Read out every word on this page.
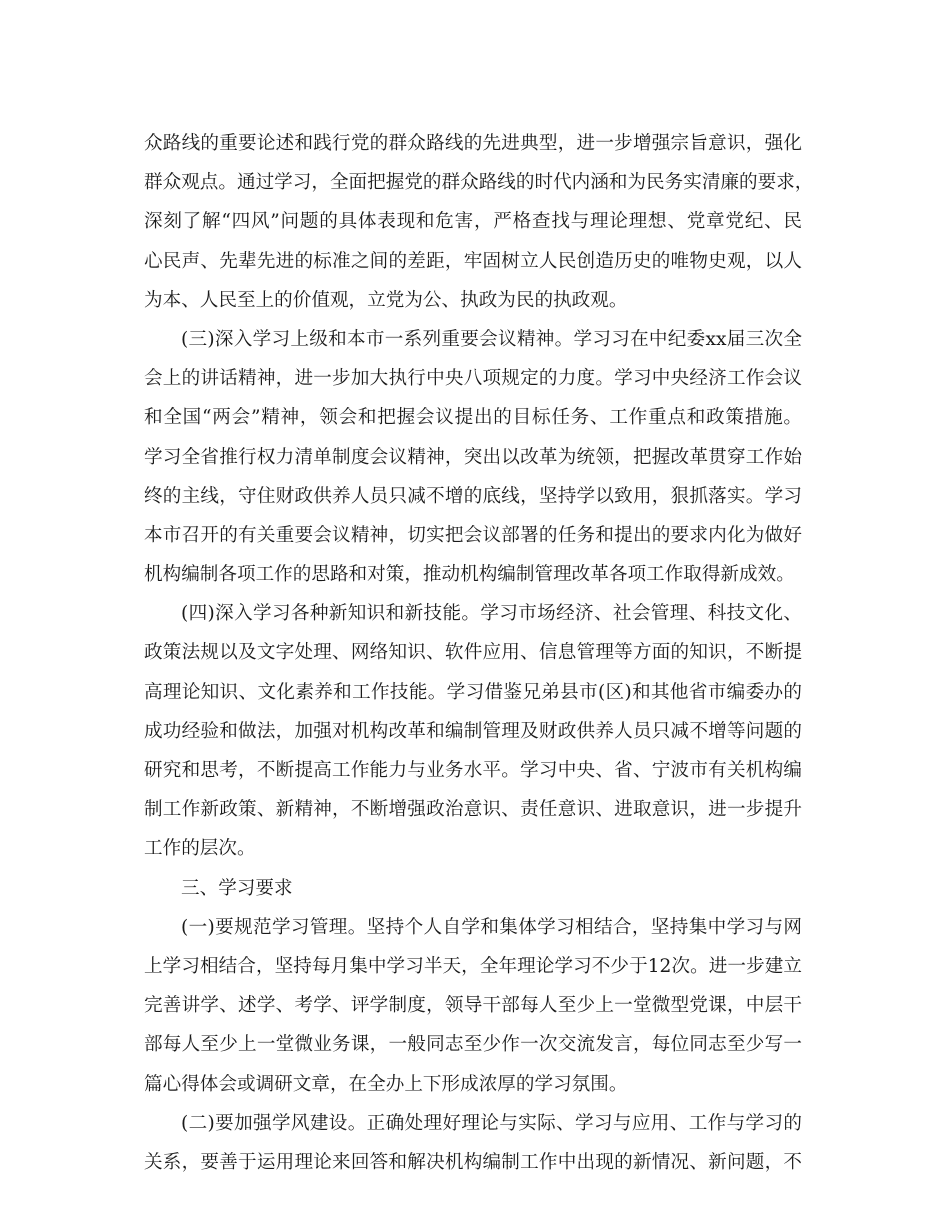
众路线的重要论述和践行党的群众路线的先进典型，进一步增强宗旨意识，强化
群众观点。通过学习，全面把握党的群众路线的时代内涵和为民务实清廉的要求，
深刻了解“四风”问题的具体表现和危害，严格查找与理论理想、党章党纪、民
心民声、先辈先进的标准之间的差距，牢固树立人民创造历史的唯物史观，以人
为本、人民至上的价值观，立党为公、执政为民的执政观。
(三)深入学习上级和本市一系列重要会议精神。学习习在中纪委xx届三次全
会上的讲话精神，进一步加大执行中央八项规定的力度。学习中央经济工作会议
和全国“两会”精神，领会和把握会议提出的目标任务、工作重点和政策措施。
学习全省推行权力清单制度会议精神，突出以改革为统领，把握改革贯穿工作始
终的主线，守住财政供养人员只减不增的底线，坚持学以致用，狠抓落实。学习
本市召开的有关重要会议精神，切实把会议部署的任务和提出的要求内化为做好
机构编制各项工作的思路和对策，推动机构编制管理改革各项工作取得新成效。
(四)深入学习各种新知识和新技能。学习市场经济、社会管理、科技文化、
政策法规以及文字处理、网络知识、软件应用、信息管理等方面的知识，不断提
高理论知识、文化素养和工作技能。学习借鉴兄弟县市(区)和其他省市编委办的
成功经验和做法，加强对机构改革和编制管理及财政供养人员只减不增等问题的
研究和思考，不断提高工作能力与业务水平。学习中央、省、宁波市有关机构编
制工作新政策、新精神，不断增强政治意识、责任意识、进取意识，进一步提升
工作的层次。
三、学习要求
(一)要规范学习管理。坚持个人自学和集体学习相结合，坚持集中学习与网
上学习相结合，坚持每月集中学习半天，全年理论学习不少于12次。进一步建立
完善讲学、述学、考学、评学制度，领导干部每人至少上一堂微型党课，中层干
部每人至少上一堂微业务课，一般同志至少作一次交流发言，每位同志至少写一
篇心得体会或调研文章，在全办上下形成浓厚的学习氛围。
(二)要加强学风建设。正确处理好理论与实际、学习与应用、工作与学习的
关系，要善于运用理论来回答和解决机构编制工作中出现的新情况、新问题，不
